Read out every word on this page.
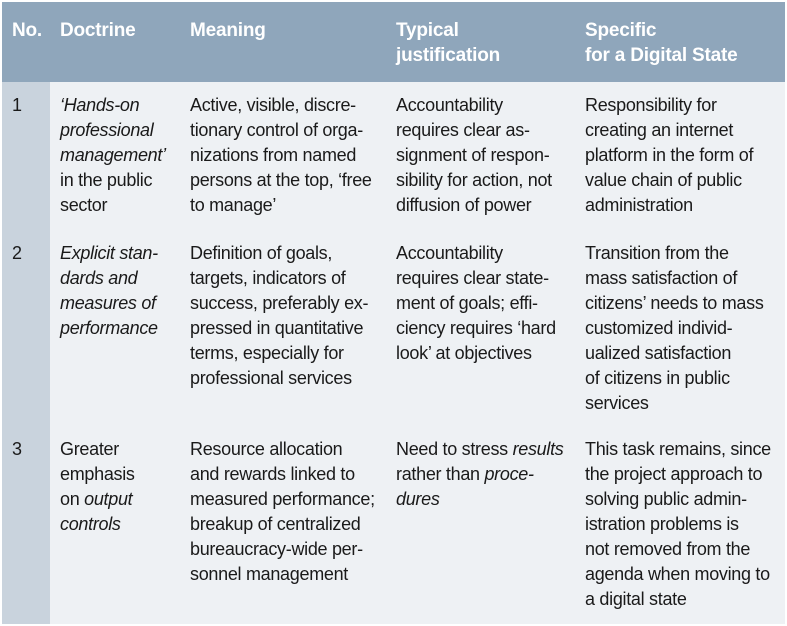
No. Doctrine	Meaning	Typical
justification
Specific
for a Digital State
1 ‘Hands-on
professional
management’
in the public
sector
Active, visible, discre-
tionary control of orga-
nizations from named
persons at the top, ‘free
to manage’
Accountability
requires clear as-
signment of respon-
sibility for action, not
diffusion of power
Responsibility for
creating an internet
platform in the form of
value chain of public
administration
2 Explicit stan-
dards and
measures of
performance
Definition of goals,
targets, indicators of
success, preferably ex-
pressed in quantitative
terms, especially for
professional services
Accountability
requires clear state-
ment of goals; effi-
ciency requires ‘hard
look’ at objectives
Transition from the
mass satisfaction of
citizens’ needs to mass
customized individ-
ualized satisfaction
of citizens in public
services
3 Greater
emphasis
on output
controls
Resource allocation
and rewards linked to
measured performance;
breakup of centralized
bureaucracy-wide per-
sonnel management
Need to stress results
rather than proce-
dures
This task remains, since
the project approach to
solving public admin-
istration problems is
not removed from the
agenda when moving to
a digital state
